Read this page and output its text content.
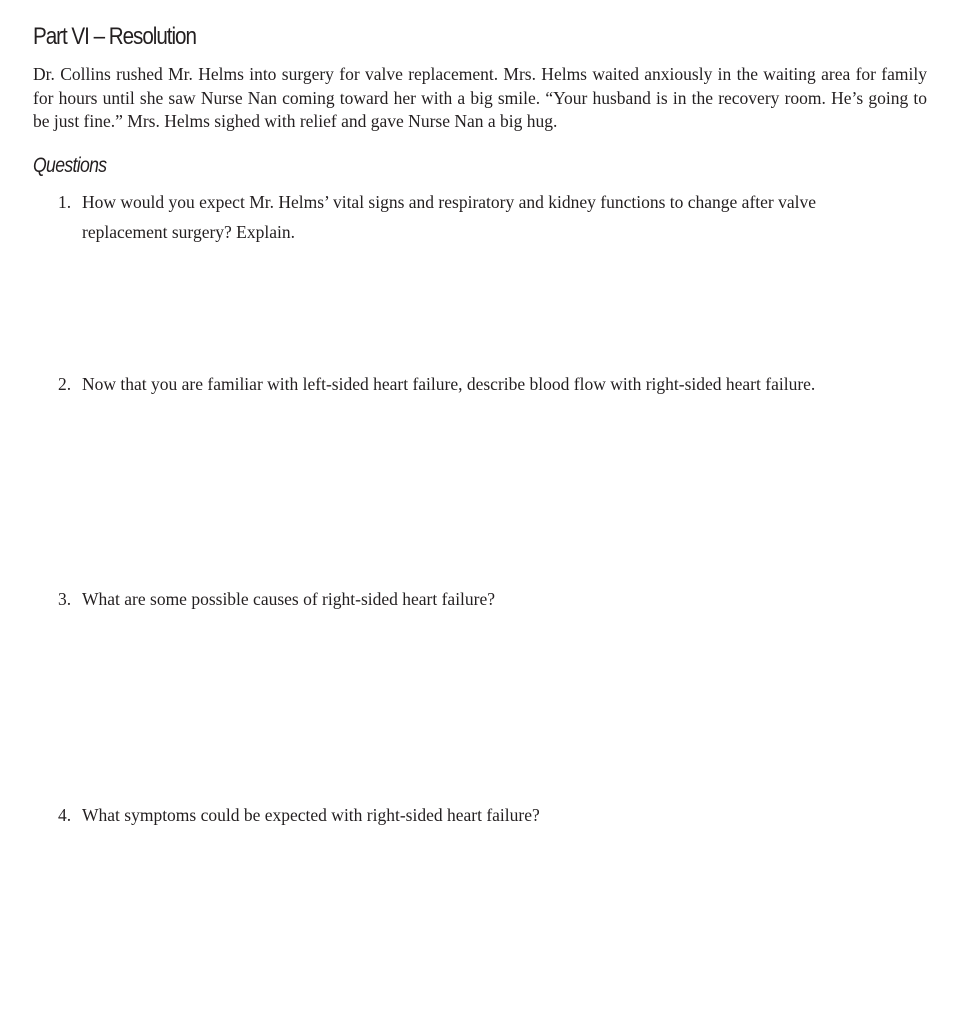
Part VI – Resolution

Dr. Collins rushed Mr. Helms into surgery for valve replacement. Mrs. Helms waited anxiously in the waiting area for family for hours until she saw Nurse Nan coming toward her with a big smile. “Your husband is in the recovery room. He’s going to be just fine.” Mrs. Helms sighed with relief and gave Nurse Nan a big hug.

Questions
1. How would you expect Mr. Helms’ vital signs and respiratory and kidney functions to change after valve replacement surgery? Explain.
2. Now that you are familiar with left-sided heart failure, describe blood flow with right-sided heart failure.
3. What are some possible causes of right-sided heart failure?
4. What symptoms could be expected with right-sided heart failure?
